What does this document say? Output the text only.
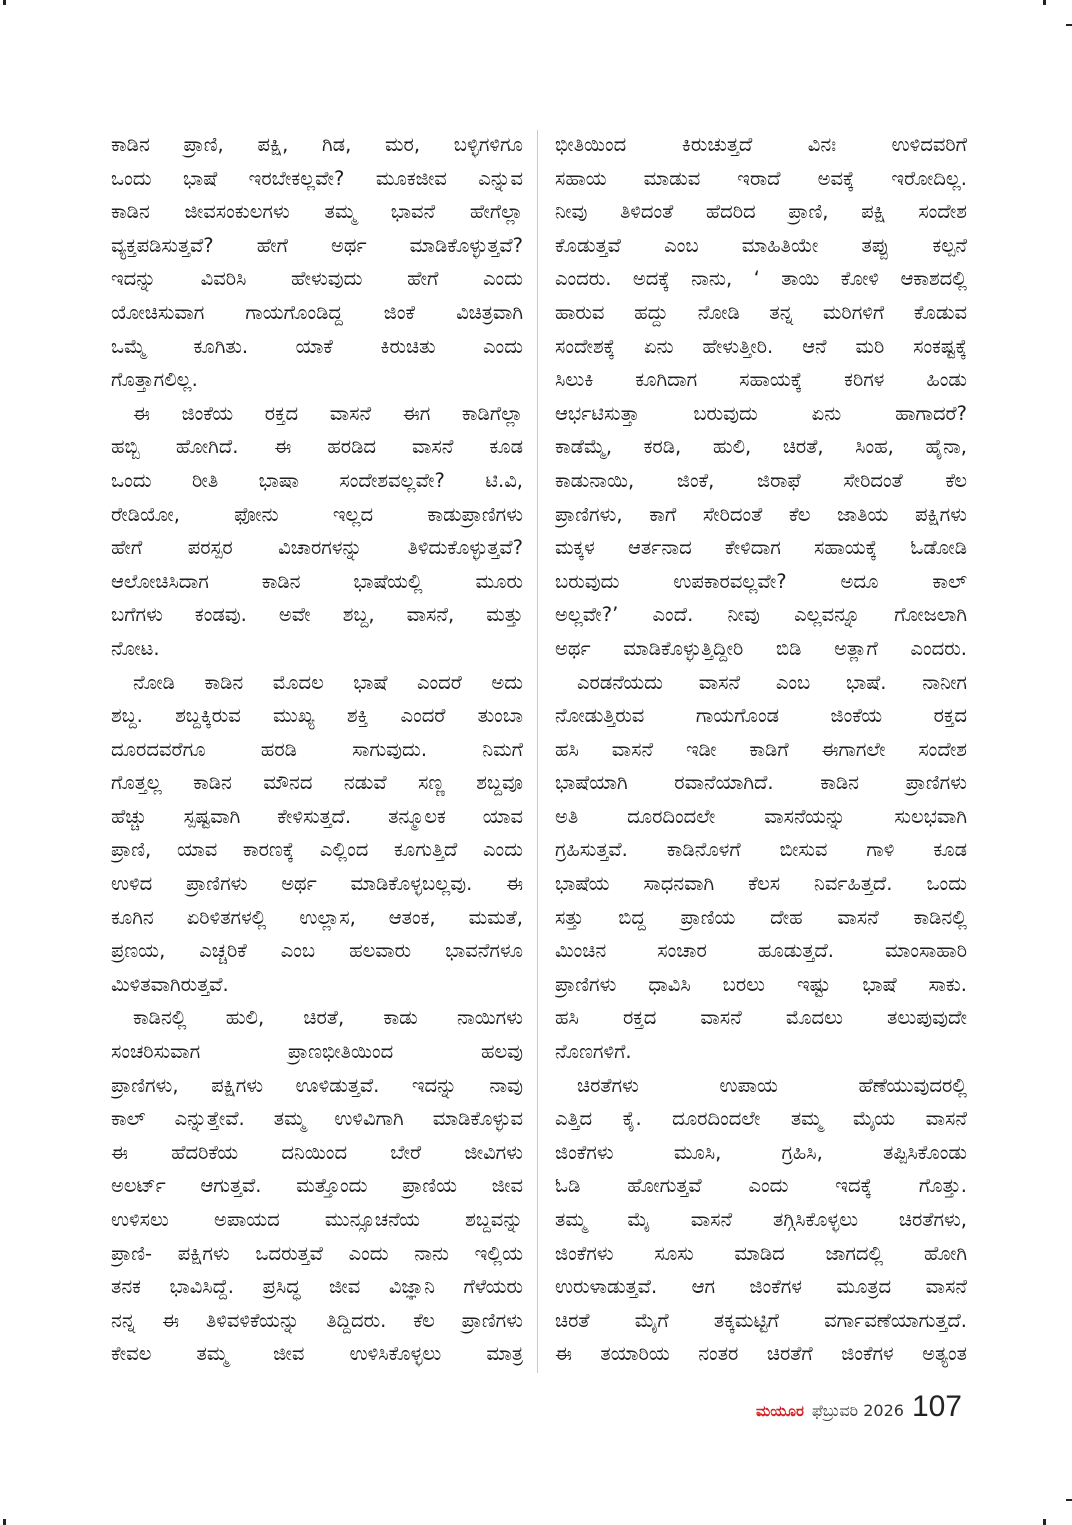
ಕಾಡಿನ ಪ್ರಾಣಿ, ಪಕ್ಷಿ, ಗಿಡ, ಮರ, ಬಳ್ಳಿಗಳಿಗೂ
ಒಂದು ಭಾಷೆ ಇರಬೇಕಲ್ಲವೇ? ಮೂಕಜೀವ ಎನ್ನುವ
ಕಾಡಿನ ಜೀವಸಂಕುಲಗಳು ತಮ್ಮ ಭಾವನೆ ಹೇಗೆಲ್ಲಾ
ವ್ಯಕ್ತಪಡಿಸುತ್ತವೆ? ಹೇಗೆ ಅರ್ಥ ಮಾಡಿಕೊಳ್ಳುತ್ತವೆ?
ಇದನ್ನು ವಿವರಿಸಿ ಹೇಳುವುದು ಹೇಗೆ ಎಂದು
ಯೋಚಿಸುವಾಗ ಗಾಯಗೊಂಡಿದ್ದ ಜಿಂಕೆ ವಿಚಿತ್ರವಾಗಿ
ಒಮ್ಮೆ ಕೂಗಿತು. ಯಾಕೆ ಕಿರುಚಿತು ಎಂದು
ಗೊತ್ತಾಗಲಿಲ್ಲ.
ಈ ಜಿಂಕೆಯ ರಕ್ತದ ವಾಸನೆ ಈಗ ಕಾಡಿಗೆಲ್ಲಾ
ಹಬ್ಬಿ ಹೋಗಿದೆ. ಈ ಹರಡಿದ ವಾಸನೆ ಕೂಡ
ಒಂದು ರೀತಿ ಭಾಷಾ ಸಂದೇಶವಲ್ಲವೇ? ಟಿ.ವಿ,
ರೇಡಿಯೋ, ಫೋನು ಇಲ್ಲದ ಕಾಡುಪ್ರಾಣಿಗಳು
ಹೇಗೆ ಪರಸ್ಪರ ವಿಚಾರಗಳನ್ನು ತಿಳಿದುಕೊಳ್ಳುತ್ತವೆ?
ಆಲೋಚಿಸಿದಾಗ ಕಾಡಿನ ಭಾಷೆಯಲ್ಲಿ ಮೂರು
ಬಗೆಗಳು ಕಂಡವು. ಅವೇ ಶಬ್ದ, ವಾಸನೆ, ಮತ್ತು
ನೋಟ.
ನೋಡಿ ಕಾಡಿನ ಮೊದಲ ಭಾಷೆ ಎಂದರೆ ಅದು
ಶಬ್ದ. ಶಬ್ದಕ್ಕಿರುವ ಮುಖ್ಯ ಶಕ್ತಿ ಎಂದರೆ ತುಂಬಾ
ದೂರದವರೆಗೂ ಹರಡಿ ಸಾಗುವುದು. ನಿಮಗೆ
ಗೊತ್ತಲ್ಲ ಕಾಡಿನ ಮೌನದ ನಡುವೆ ಸಣ್ಣ ಶಬ್ದವೂ
ಹೆಚ್ಚು ಸ್ಪಷ್ಟವಾಗಿ ಕೇಳಿಸುತ್ತದೆ. ತನ್ಮೂಲಕ ಯಾವ
ಪ್ರಾಣಿ, ಯಾವ ಕಾರಣಕ್ಕೆ ಎಲ್ಲಿಂದ ಕೂಗುತ್ತಿದೆ ಎಂದು
ಉಳಿದ ಪ್ರಾಣಿಗಳು ಅರ್ಥ ಮಾಡಿಕೊಳ್ಳಬಲ್ಲವು. ಈ
ಕೂಗಿನ ಏರಿಳಿತಗಳಲ್ಲಿ ಉಲ್ಲಾಸ, ಆತಂಕ, ಮಮತೆ,
ಪ್ರಣಯ, ಎಚ್ಚರಿಕೆ ಎಂಬ ಹಲವಾರು ಭಾವನೆಗಳೂ
ಮಿಳಿತವಾಗಿರುತ್ತವೆ.
ಕಾಡಿನಲ್ಲಿ ಹುಲಿ, ಚಿರತೆ, ಕಾಡು ನಾಯಿಗಳು
ಸಂಚರಿಸುವಾಗ ಪ್ರಾಣಭೀತಿಯಿಂದ ಹಲವು
ಪ್ರಾಣಿಗಳು, ಪಕ್ಷಿಗಳು ಊಳಿಡುತ್ತವೆ. ಇದನ್ನು ನಾವು
ಕಾಲ್ ಎನ್ನುತ್ತೇವೆ. ತಮ್ಮ ಉಳಿವಿಗಾಗಿ ಮಾಡಿಕೊಳ್ಳುವ
ಈ ಹೆದರಿಕೆಯ ದನಿಯಿಂದ ಬೇರೆ ಜೀವಿಗಳು
ಅಲರ್ಟ್ ಆಗುತ್ತವೆ. ಮತ್ತೊಂದು ಪ್ರಾಣಿಯ ಜೀವ
ಉಳಿಸಲು ಅಪಾಯದ ಮುನ್ಸೂಚನೆಯ ಶಬ್ದವನ್ನು
ಪ್ರಾಣಿ- ಪಕ್ಷಿಗಳು ಒದರುತ್ತವೆ ಎಂದು ನಾನು ಇಲ್ಲಿಯ
ತನಕ ಭಾವಿಸಿದ್ದೆ. ಪ್ರಸಿದ್ಧ ಜೀವ ವಿಜ್ಞಾನಿ ಗೆಳೆಯರು
ನನ್ನ ಈ ತಿಳಿವಳಿಕೆಯನ್ನು ತಿದ್ದಿದರು. ಕೆಲ ಪ್ರಾಣಿಗಳು
ಕೇವಲ ತಮ್ಮ ಜೀವ ಉಳಿಸಿಕೊಳ್ಳಲು ಮಾತ್ರ
ಭೀತಿಯಿಂದ ಕಿರುಚುತ್ತದೆ ವಿನಃ ಉಳಿದವರಿಗೆ
ಸಹಾಯ ಮಾಡುವ ಇರಾದೆ ಅವಕ್ಕೆ ಇರೋದಿಲ್ಲ.
ನೀವು ತಿಳಿದಂತೆ ಹೆದರಿದ ಪ್ರಾಣಿ, ಪಕ್ಷಿ ಸಂದೇಶ
ಕೊಡುತ್ತವೆ ಎಂಬ ಮಾಹಿತಿಯೇ ತಪ್ಪು ಕಲ್ಪನೆ
ಎಂದರು. ಅದಕ್ಕೆ ನಾನು, ‘ ತಾಯಿ ಕೋಳಿ ಆಕಾಶದಲ್ಲಿ
ಹಾರುವ ಹದ್ದು ನೋಡಿ ತನ್ನ ಮರಿಗಳಿಗೆ ಕೊಡುವ
ಸಂದೇಶಕ್ಕೆ ಏನು ಹೇಳುತ್ತೀರಿ. ಆನೆ ಮರಿ ಸಂಕಷ್ಟಕ್ಕೆ
ಸಿಲುಕಿ ಕೂಗಿದಾಗ ಸಹಾಯಕ್ಕೆ ಕರಿಗಳ ಹಿಂಡು
ಆರ್ಭಟಿಸುತ್ತಾ ಬರುವುದು ಏನು ಹಾಗಾದರೆ?
ಕಾಡೆಮ್ಮೆ, ಕರಡಿ, ಹುಲಿ, ಚಿರತೆ, ಸಿಂಹ, ಹೈನಾ,
ಕಾಡುನಾಯಿ, ಜಿಂಕೆ, ಜಿರಾಫೆ ಸೇರಿದಂತೆ ಕೆಲ
ಪ್ರಾಣಿಗಳು, ಕಾಗೆ ಸೇರಿದಂತೆ ಕೆಲ ಜಾತಿಯ ಪಕ್ಷಿಗಳು
ಮಕ್ಕಳ ಆರ್ತನಾದ ಕೇಳಿದಾಗ ಸಹಾಯಕ್ಕೆ ಓಡೋಡಿ
ಬರುವುದು ಉಪಕಾರವಲ್ಲವೇ? ಅದೂ ಕಾಲ್
ಅಲ್ಲವೇ?’ ಎಂದೆ. ನೀವು ಎಲ್ಲವನ್ನೂ ಗೋಜಲಾಗಿ
ಅರ್ಥ ಮಾಡಿಕೊಳ್ಳುತ್ತಿದ್ದೀರಿ ಬಿಡಿ ಅತ್ಲಾಗೆ ಎಂದರು.
ಎರಡನೆಯದು ವಾಸನೆ ಎಂಬ ಭಾಷೆ. ನಾನೀಗ
ನೋಡುತ್ತಿರುವ ಗಾಯಗೊಂಡ ಜಿಂಕೆಯ ರಕ್ತದ
ಹಸಿ ವಾಸನೆ ಇಡೀ ಕಾಡಿಗೆ ಈಗಾಗಲೇ ಸಂದೇಶ
ಭಾಷೆಯಾಗಿ ರವಾನೆಯಾಗಿದೆ. ಕಾಡಿನ ಪ್ರಾಣಿಗಳು
ಅತಿ ದೂರದಿಂದಲೇ ವಾಸನೆಯನ್ನು ಸುಲಭವಾಗಿ
ಗ್ರಹಿಸುತ್ತವೆ. ಕಾಡಿನೊಳಗೆ ಬೀಸುವ ಗಾಳಿ ಕೂಡ
ಭಾಷೆಯ ಸಾಧನವಾಗಿ ಕೆಲಸ ನಿರ್ವಹಿತ್ತದೆ. ಒಂದು
ಸತ್ತು ಬಿದ್ದ ಪ್ರಾಣಿಯ ದೇಹ ವಾಸನೆ ಕಾಡಿನಲ್ಲಿ
ಮಿಂಚಿನ ಸಂಚಾರ ಹೂಡುತ್ತದೆ. ಮಾಂಸಾಹಾರಿ
ಪ್ರಾಣಿಗಳು ಧಾವಿಸಿ ಬರಲು ಇಷ್ಟು ಭಾಷೆ ಸಾಕು.
ಹಸಿ ರಕ್ತದ ವಾಸನೆ ಮೊದಲು ತಲುಪುವುದೇ
ನೊಣಗಳಿಗೆ.
ಚಿರತೆಗಳು ಉಪಾಯ ಹೆಣೆಯುವುದರಲ್ಲಿ
ಎತ್ತಿದ ಕೈ. ದೂರದಿಂದಲೇ ತಮ್ಮ ಮೈಯ ವಾಸನೆ
ಜಿಂಕೆಗಳು ಮೂಸಿ, ಗ್ರಹಿಸಿ, ತಪ್ಪಿಸಿಕೊಂಡು
ಓಡಿ ಹೋಗುತ್ತವೆ ಎಂದು ಇದಕ್ಕೆ ಗೊತ್ತು.
ತಮ್ಮ ಮೈ ವಾಸನೆ ತಗ್ಗಿಸಿಕೊಳ್ಳಲು ಚಿರತೆಗಳು,
ಜಿಂಕೆಗಳು ಸೂಸು ಮಾಡಿದ ಜಾಗದಲ್ಲಿ ಹೋಗಿ
ಉರುಳಾಡುತ್ತವೆ. ಆಗ ಜಿಂಕೆಗಳ ಮೂತ್ರದ ವಾಸನೆ
ಚಿರತೆ ಮೈಗೆ ತಕ್ಕಮಟ್ಟಿಗೆ ವರ್ಗಾವಣೆಯಾಗುತ್ತದೆ.
ಈ ತಯಾರಿಯ ನಂತರ ಚಿರತೆಗೆ ಜಿಂಕೆಗಳ ಅತ್ಯಂತ
ಮಯೂರ ಫೆಬ್ರುವರಿ 2026 107
